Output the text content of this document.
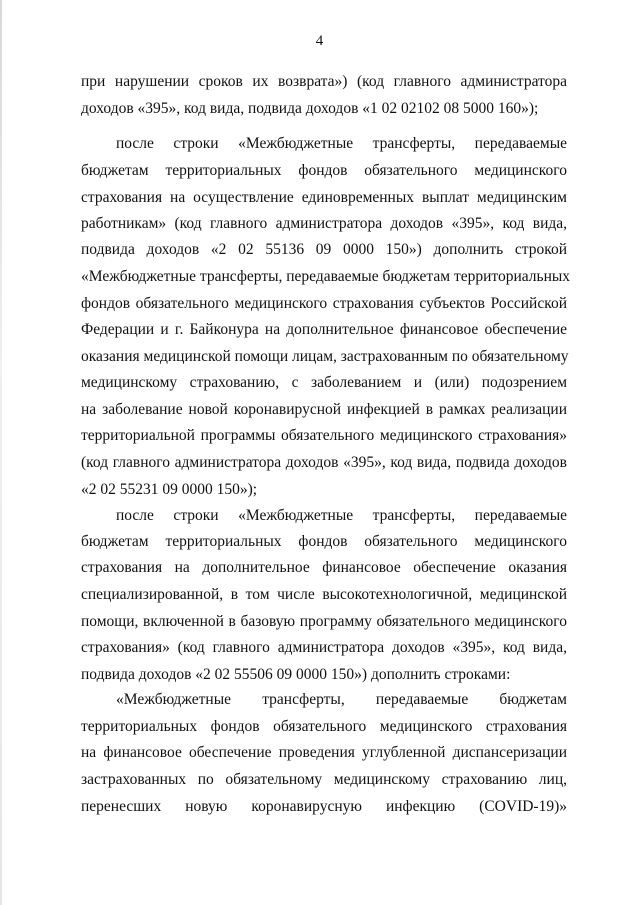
4
при нарушении сроков их возврата») (код главного администратора
доходов «395», код вида, подвида доходов «1 02 02102 08 5000 160»);
после строки «Межбюджетные трансферты, передаваемые
бюджетам территориальных фондов обязательного медицинского
страхования на осуществление единовременных выплат медицинским
работникам» (код главного администратора доходов «395», код вида,
подвида доходов «2 02 55136 09 0000 150») дополнить строкой
«Межбюджетные трансферты, передаваемые бюджетам территориальных
фондов обязательного медицинского страхования субъектов Российской
Федерации и г. Байконура на дополнительное финансовое обеспечение
оказания медицинской помощи лицам, застрахованным по обязательному
медицинскому страхованию, с заболеванием и (или) подозрением
на заболевание новой коронавирусной инфекцией в рамках реализации
территориальной программы обязательного медицинского страхования»
(код главного администратора доходов «395», код вида, подвида доходов
«2 02 55231 09 0000 150»);
после строки «Межбюджетные трансферты, передаваемые
бюджетам территориальных фондов обязательного медицинского
страхования на дополнительное финансовое обеспечение оказания
специализированной, в том числе высокотехнологичной, медицинской
помощи, включенной в базовую программу обязательного медицинского
страхования» (код главного администратора доходов «395», код вида,
подвида доходов «2 02 55506 09 0000 150») дополнить строками:
«Межбюджетные трансферты, передаваемые бюджетам
территориальных фондов обязательного медицинского страхования
на финансовое обеспечение проведения углубленной диспансеризации
застрахованных по обязательному медицинскому страхованию лиц,
перенесших новую коронавирусную инфекцию (COVID-19)»
